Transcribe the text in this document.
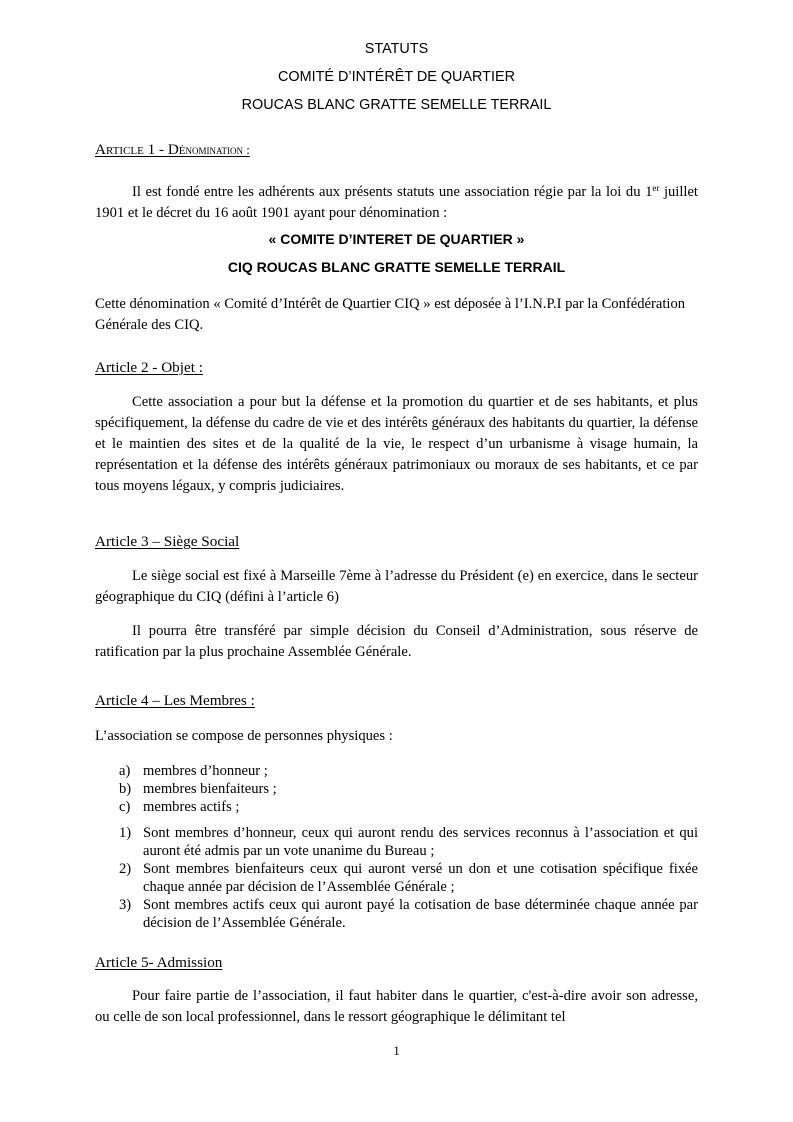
STATUTS
COMITÉ D’INTÉRÊT DE QUARTIER
ROUCAS BLANC GRATTE SEMELLE TERRAIL
Article 1 - Dénomination :
Il est fondé entre les adhérents aux présents statuts une association régie par la loi du 1er juillet 1901 et le décret du 16 août 1901 ayant pour dénomination :
« COMITE D’INTERET DE QUARTIER »
CIQ ROUCAS BLANC GRATTE SEMELLE TERRAIL
Cette dénomination « Comité d’Intérêt de Quartier CIQ » est déposée à l’I.N.P.I par la Confédération Générale des CIQ.
Article 2 - Objet :
Cette association a pour but la défense et la promotion du quartier et de ses habitants, et plus spécifiquement, la défense du cadre de vie et des intérêts généraux des habitants du quartier, la défense et le maintien des sites et de la qualité de la vie, le respect d’un urbanisme à visage humain, la représentation et la défense des intérêts généraux patrimoniaux ou moraux de ses habitants, et ce par tous moyens légaux, y compris judiciaires.
Article 3 – Siège Social
Le siège social est fixé à Marseille 7ème à l’adresse du Président (e) en exercice, dans le secteur géographique du CIQ (défini à l’article 6)
Il pourra être transféré par simple décision du Conseil d’Administration, sous réserve de ratification par la plus prochaine Assemblée Générale.
Article 4 – Les Membres :
L’association se compose de personnes physiques :
a) membres d’honneur ;
b) membres bienfaiteurs ;
c) membres actifs ;
1) Sont membres d’honneur, ceux qui auront rendu des services reconnus à l’association et qui auront été admis par un vote unanime du Bureau ;
2) Sont membres bienfaiteurs ceux qui auront versé un don et une cotisation spécifique fixée chaque année par décision de l’Assemblée Générale ;
3) Sont membres actifs ceux qui auront payé la cotisation de base déterminée chaque année par décision de l’Assemblée Générale.
Article 5- Admission
Pour faire partie de l’association, il faut habiter dans le quartier, c'est-à-dire avoir son adresse, ou celle de son local professionnel, dans le ressort géographique le délimitant tel
1
